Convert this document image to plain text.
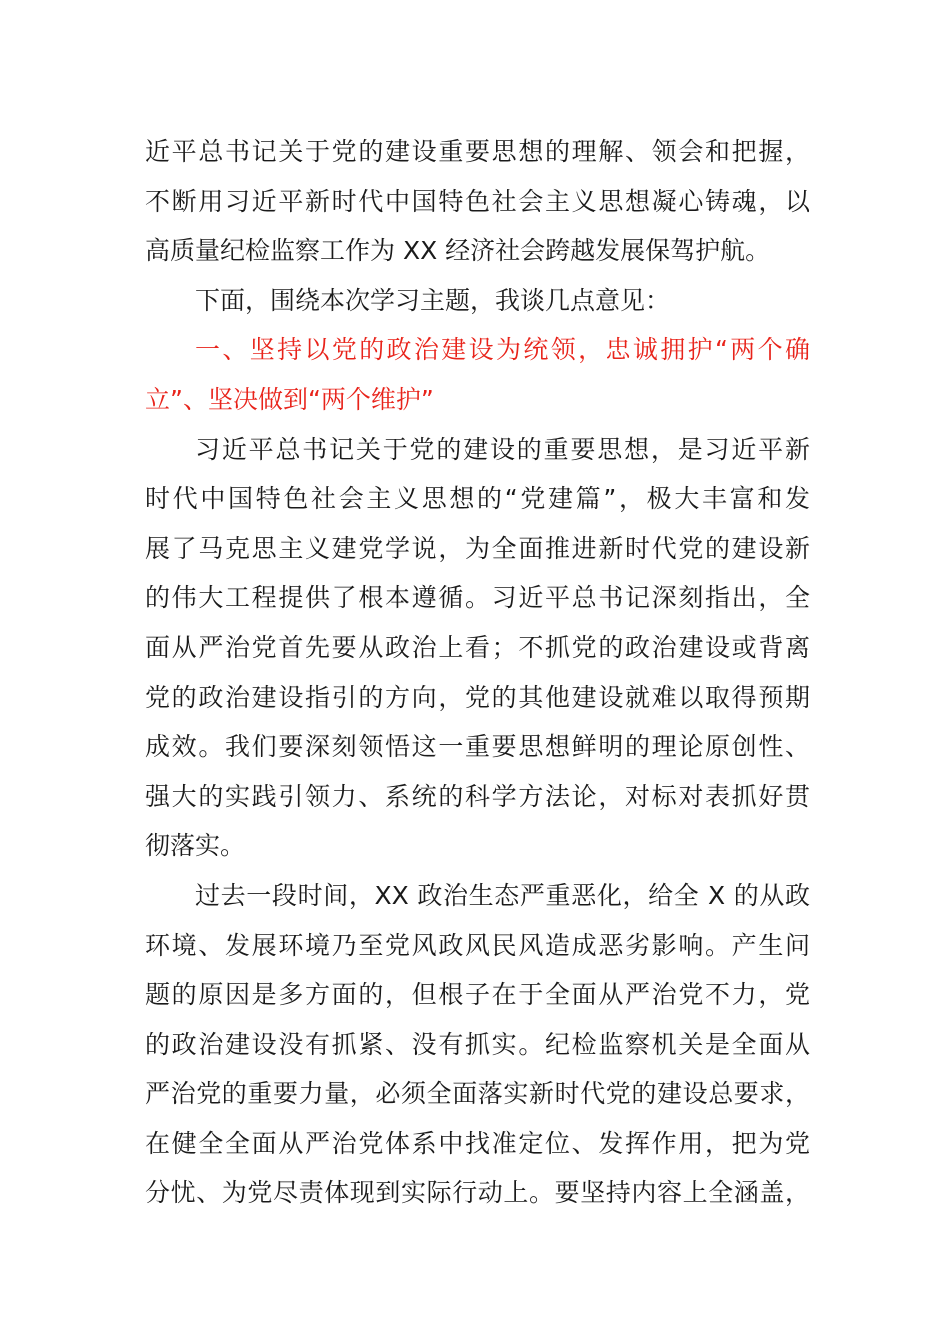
近平总书记关于党的建设重要思想的理解、领会和把握，
不断用习近平新时代中国特色社会主义思想凝心铸魂，以
高质量纪检监察工作为 XX 经济社会跨越发展保驾护航。
下面，围绕本次学习主题，我谈几点意见：
一、坚持以党的政治建设为统领，忠诚拥护“两个确
立”、坚决做到“两个维护”
习近平总书记关于党的建设的重要思想，是习近平新
时代中国特色社会主义思想的“党建篇”，极大丰富和发
展了马克思主义建党学说，为全面推进新时代党的建设新
的伟大工程提供了根本遵循。习近平总书记深刻指出，全
面从严治党首先要从政治上看；不抓党的政治建设或背离
党的政治建设指引的方向，党的其他建设就难以取得预期
成效。我们要深刻领悟这一重要思想鲜明的理论原创性、
强大的实践引领力、系统的科学方法论，对标对表抓好贯
彻落实。
过去一段时间，XX 政治生态严重恶化，给全 X 的从政
环境、发展环境乃至党风政风民风造成恶劣影响。产生问
题的原因是多方面的，但根子在于全面从严治党不力，党
的政治建设没有抓紧、没有抓实。纪检监察机关是全面从
严治党的重要力量，必须全面落实新时代党的建设总要求，
在健全全面从严治党体系中找准定位、发挥作用，把为党
分忧、为党尽责体现到实际行动上。要坚持内容上全涵盖，
